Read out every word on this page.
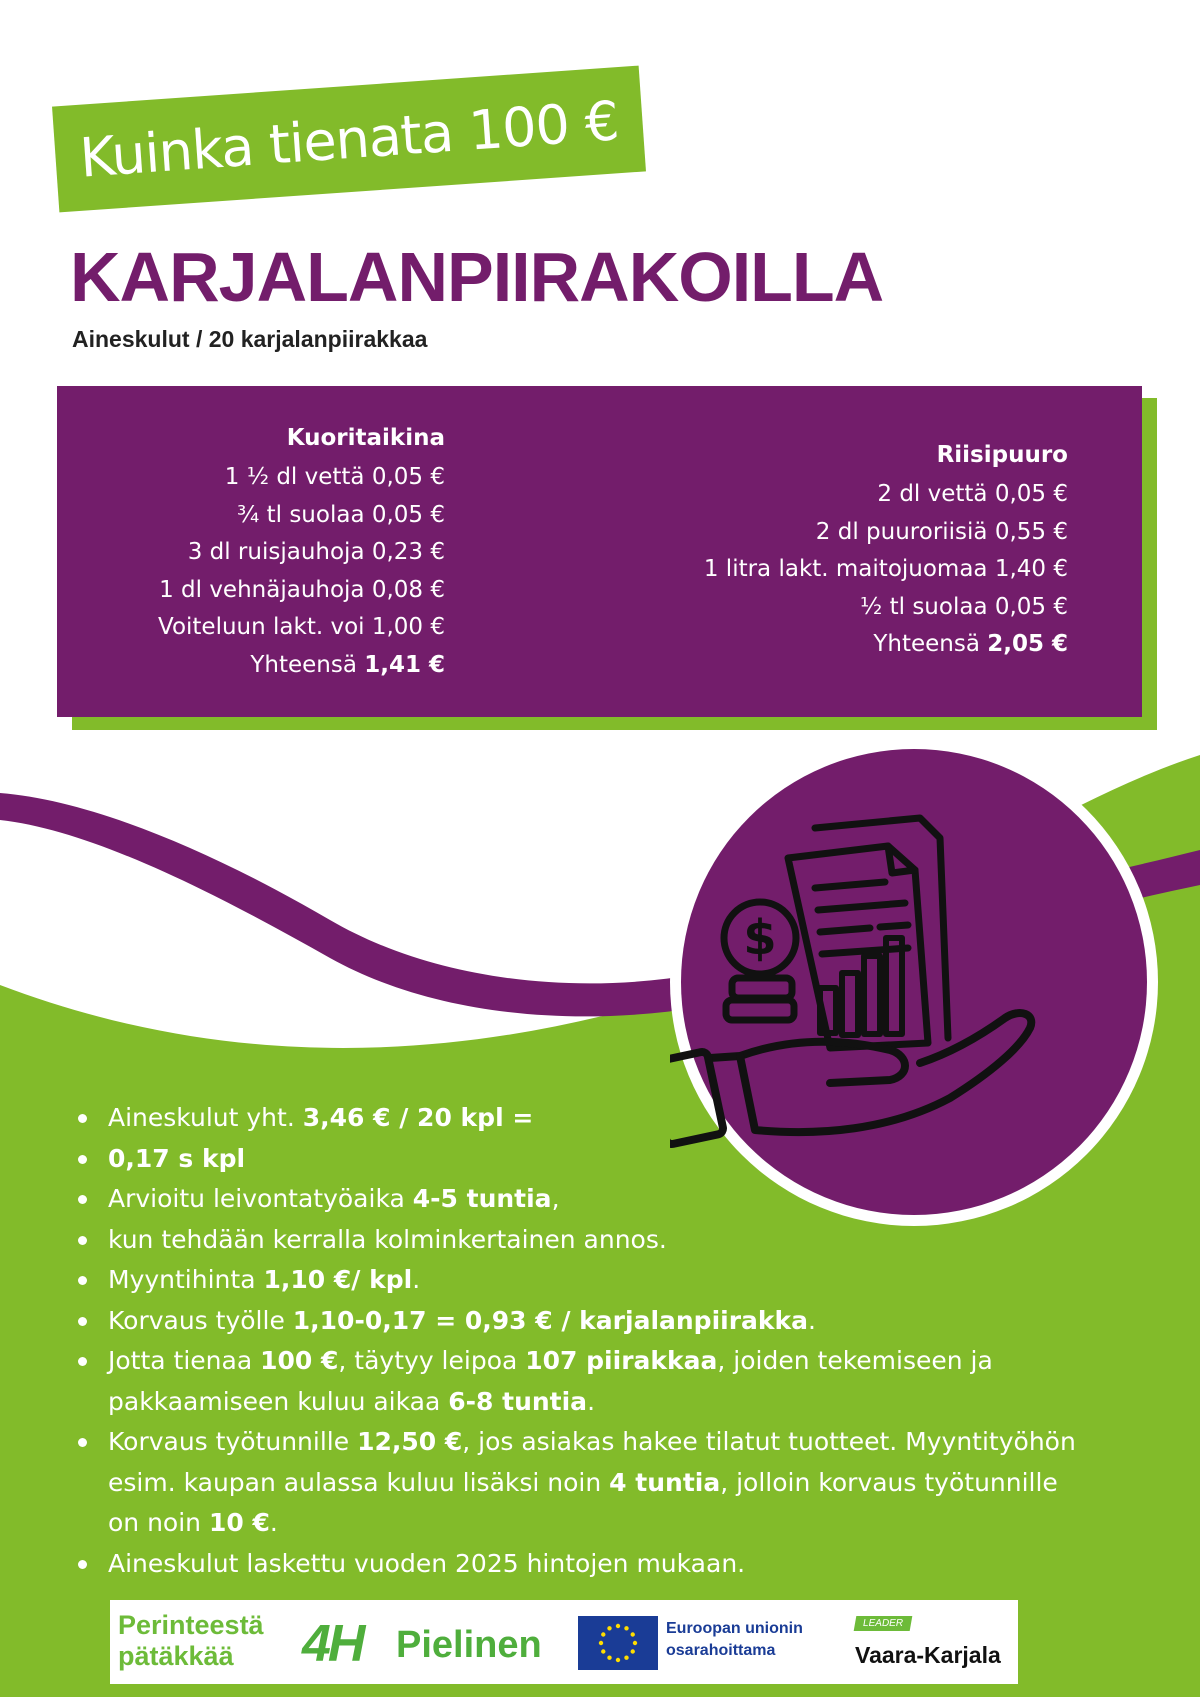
Kuinka tienata 100 €
KARJALANPIIRAKOILLA
Aineskulut / 20 karjalanpiirakkaa
Kuoritaikina
1 ½ dl vettä 0,05 €
¾ tl suolaa 0,05 €
3 dl ruisjauhoja 0,23 €
1 dl vehnäjauhoja 0,08 €
Voiteluun lakt. voi 1,00 €
Yhteensä 1,41 €
Riisipuuro
2 dl vettä 0,05 €
2 dl puuroriisiä 0,55 €
1 litra lakt. maitojuomaa 1,40 €
½ tl suolaa 0,05 €
Yhteensä 2,05 €
$
Aineskulut yht. 3,46 € / 20 kpl =
0,17 s kpl
Arvioitu leivontatyöaika 4-5 tuntia,
kun tehdään kerralla kolminkertainen annos.
Myyntihinta 1,10 €/ kpl.
Korvaus työlle 1,10-0,17 = 0,93 € / karjalanpiirakka.
Jotta tienaa 100 €, täytyy leipoa 107 piirakkaa, joiden tekemiseen ja pakkaamiseen kuluu aikaa 6-8 tuntia.
Korvaus työtunnille 12,50 €, jos asiakas hakee tilatut tuotteet. Myyntityöhön esim. kaupan aulassa kuluu lisäksi noin 4 tuntia, jolloin korvaus työtunnille on noin 10 €.
Aineskulut laskettu vuoden 2025 hintojen mukaan.
Perinteestä
pätäkkää	4H Pielinen	Euroopan unionin
osarahoittama
LEADER
Vaara-Karjala
